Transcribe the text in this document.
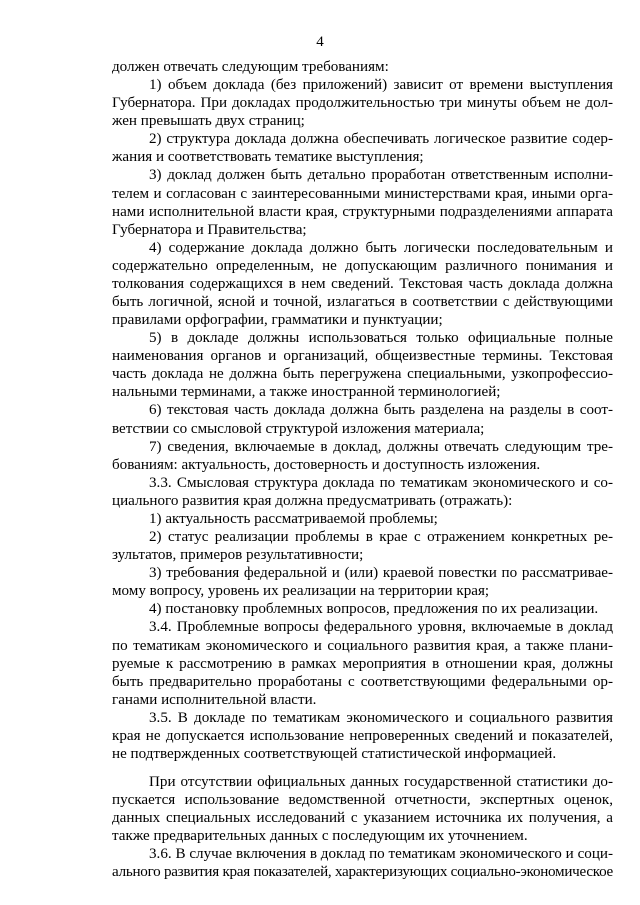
4
должен отвечать следующим требованиям:
1) объем доклада (без приложений) зависит от времени выступления
Губернатора. При докладах продолжительностью три минуты объем не дол-
жен превышать двух страниц;
2) структура доклада должна обеспечивать логическое развитие содер-
жания и соответствовать тематике выступления;
3) доклад должен быть детально проработан ответственным исполни-
телем и согласован с заинтересованными министерствами края, иными орга-
нами исполнительной власти края, структурными подразделениями аппарата
Губернатора и Правительства;
4) содержание доклада должно быть логически последовательным и
содержательно определенным, не допускающим различного понимания и
толкования содержащихся в нем сведений. Текстовая часть доклада должна
быть логичной, ясной и точной, излагаться в соответствии с действующими
правилами орфографии, грамматики и пунктуации;
5) в докладе должны использоваться только официальные полные
наименования органов и организаций, общеизвестные термины. Текстовая
часть доклада не должна быть перегружена специальными, узкопрофессио-
нальными терминами, а также иностранной терминологией;
6) текстовая часть доклада должна быть разделена на разделы в соот-
ветствии со смысловой структурой изложения материала;
7) сведения, включаемые в доклад, должны отвечать следующим тре-
бованиям: актуальность, достоверность и доступность изложения.
3.3. Смысловая структура доклада по тематикам экономического и со-
циального развития края должна предусматривать (отражать):
1) актуальность рассматриваемой проблемы;
2) статус реализации проблемы в крае с отражением конкретных ре-
зультатов, примеров результативности;
3) требования федеральной и (или) краевой повестки по рассматривае-
мому вопросу, уровень их реализации на территории края;
4) постановку проблемных вопросов, предложения по их реализации.
3.4. Проблемные вопросы федерального уровня, включаемые в доклад
по тематикам экономического и социального развития края, а также плани-
руемые к рассмотрению в рамках мероприятия в отношении края, должны
быть предварительно проработаны с соответствующими федеральными ор-
ганами исполнительной власти.
3.5. В докладе по тематикам экономического и социального развития
края не допускается использование непроверенных сведений и показателей,
не подтвержденных соответствующей статистической информацией.
При отсутствии официальных данных государственной статистики до-
пускается использование ведомственной отчетности, экспертных оценок,
данных специальных исследований с указанием источника их получения, а
также предварительных данных с последующим их уточнением.
3.6. В случае включения в доклад по тематикам экономического и соци-
ального развития края показателей, характеризующих социально-экономическое
